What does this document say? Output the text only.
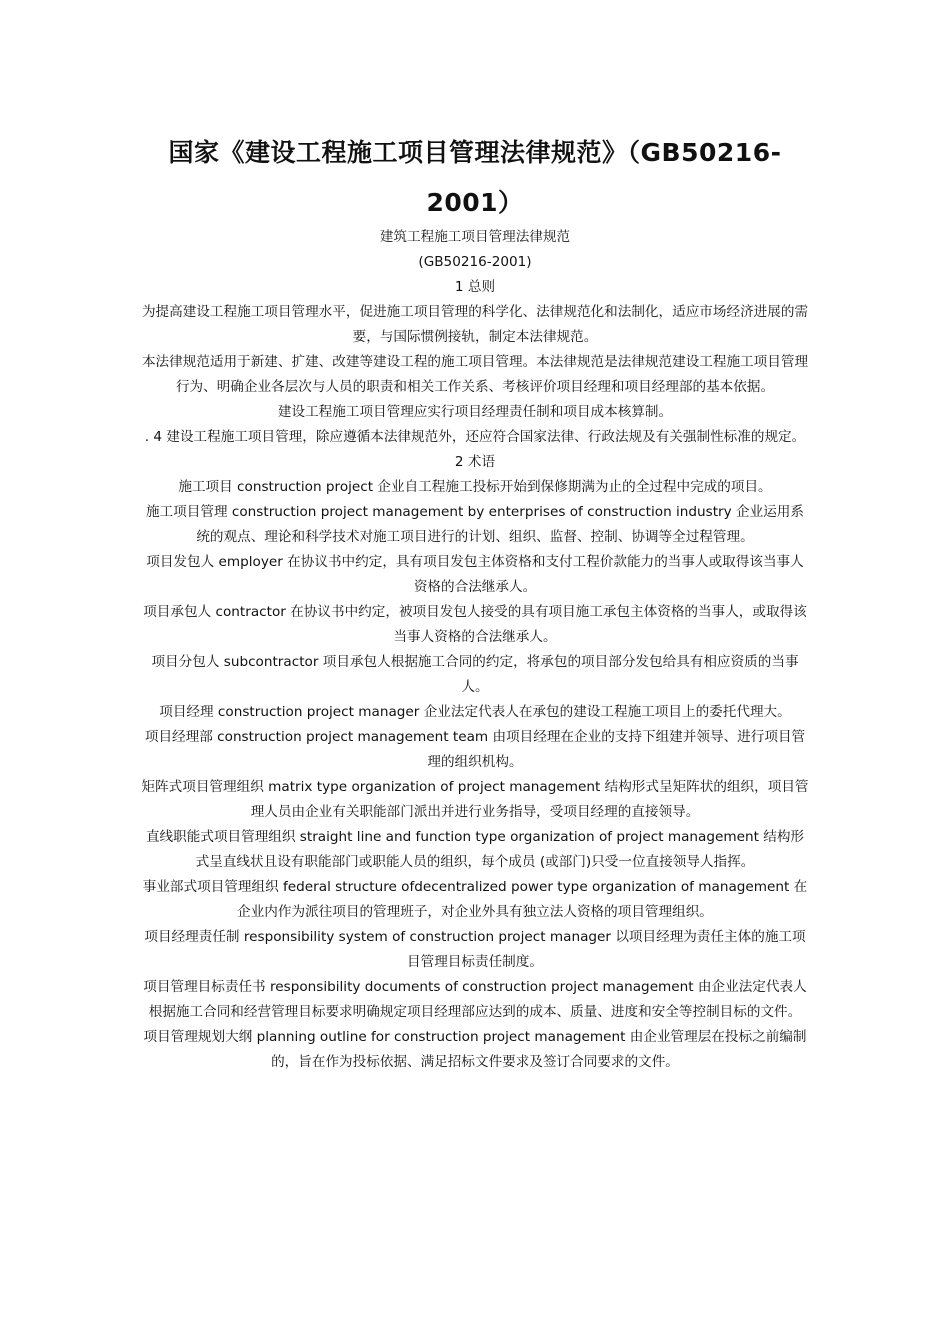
国家《建设工程施工项目管理法律规范》（GB50216-2001）

建筑工程施工项目管理法律规范

(GB50216-2001)

1 总则

为提高建设工程施工项目管理水平，促进施工项目管理的科学化、法律规范化和法制化，适应市场经济进展的需要，与国际惯例接轨，制定本法律规范。

本法律规范适用于新建、扩建、改建等建设工程的施工项目管理。本法律规范是法律规范建设工程施工项目管理行为、明确企业各层次与人员的职责和相关工作关系、考核评价项目经理和项目经理部的基本依据。

建设工程施工项目管理应实行项目经理责任制和项目成本核算制。

. 4 建设工程施工项目管理，除应遵循本法律规范外，还应符合国家法律、行政法规及有关强制性标准的规定。

2 术语

施工项目 construction project 企业自工程施工投标开始到保修期满为止的全过程中完成的项目。

施工项目管理 construction project management by enterprises of construction industry 企业运用系统的观点、理论和科学技术对施工项目进行的计划、组织、监督、控制、协调等全过程管理。

项目发包人 employer 在协议书中约定，具有项目发包主体资格和支付工程价款能力的当事人或取得该当事人资格的合法继承人。

项目承包人 contractor 在协议书中约定，被项目发包人接受的具有项目施工承包主体资格的当事人，或取得该当事人资格的合法继承人。

项目分包人 subcontractor 项目承包人根据施工合同的约定，将承包的项目部分发包给具有相应资质的当事人。

项目经理 construction project manager 企业法定代表人在承包的建设工程施工项目上的委托代理大。

项目经理部 construction project management team 由项目经理在企业的支持下组建并领导、进行项目管理的组织机构。

矩阵式项目管理组织 matrix type organization of project management 结构形式呈矩阵状的组织，项目管理人员由企业有关职能部门派出并进行业务指导，受项目经理的直接领导。

直线职能式项目管理组织 straight line and function type organization of project management 结构形式呈直线状且设有职能部门或职能人员的组织，每个成员 (或部门)只受一位直接领导人指挥。

事业部式项目管理组织 federal structure ofdecentralized power type organization of management 在企业内作为派往项目的管理班子，对企业外具有独立法人资格的项目管理组织。

项目经理责任制 responsibility system of construction project manager 以项目经理为责任主体的施工项目管理目标责任制度。

项目管理目标责任书 responsibility documents of construction project management 由企业法定代表人根据施工合同和经营管理目标要求明确规定项目经理部应达到的成本、质量、进度和安全等控制目标的文件。

项目管理规划大纲 planning outline for construction project management 由企业管理层在投标之前编制的，旨在作为投标依据、满足招标文件要求及签订合同要求的文件。
